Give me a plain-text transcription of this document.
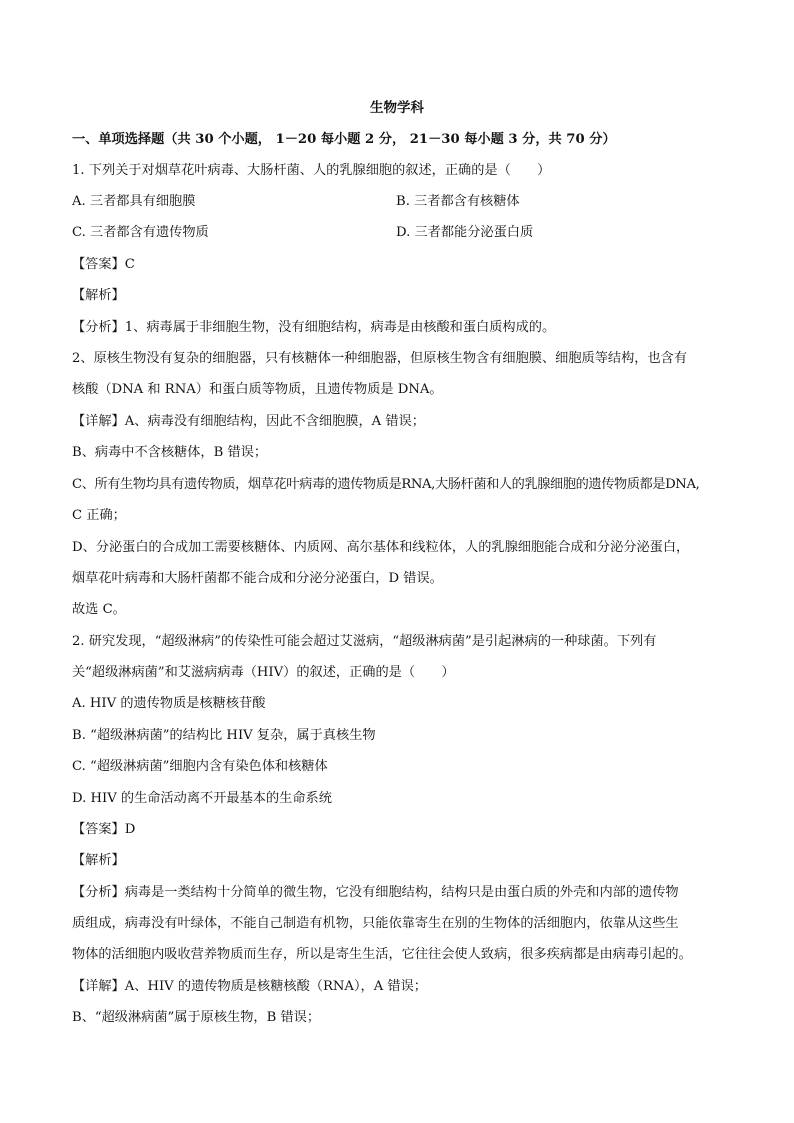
生物学科
一、单项选择题（共 30 个小题， 1－20 每小题 2 分， 21－30 每小题 3 分，共 70 分）
1. 下列关于对烟草花叶病毒、大肠杆菌、人的乳腺细胞的叙述，正确的是（　　）
A. 三者都具有细胞膜	B. 三者都含有核糖体
C. 三者都含有遗传物质	D. 三者都能分泌蛋白质
【答案】C
【解析】
【分析】1、病毒属于非细胞生物，没有细胞结构，病毒是由核酸和蛋白质构成的。
2、原核生物没有复杂的细胞器，只有核糖体一种细胞器，但原核生物含有细胞膜、细胞质等结构，也含有
核酸（DNA 和 RNA）和蛋白质等物质，且遗传物质是 DNA。
【详解】A、病毒没有细胞结构，因此不含细胞膜，A 错误；
B、病毒中不含核糖体，B 错误；
C、所有生物均具有遗传物质，烟草花叶病毒的遗传物质是RNA,大肠杆菌和人的乳腺细胞的遗传物质都是DNA,
C 正确；
D、分泌蛋白的合成加工需要核糖体、内质网、高尔基体和线粒体，人的乳腺细胞能合成和分泌分泌蛋白，
烟草花叶病毒和大肠杆菌都不能合成和分泌分泌蛋白，D 错误。
故选 C。
2. 研究发现，“超级淋病”的传染性可能会超过艾滋病，“超级淋病菌”是引起淋病的一种球菌。下列有
关“超级淋病菌”和艾滋病病毒（HIV）的叙述，正确的是（　　）
A. HIV 的遗传物质是核糖核苷酸
B. “超级淋病菌”的结构比 HIV 复杂，属于真核生物
C. “超级淋病菌”细胞内含有染色体和核糖体
D. HIV 的生命活动离不开最基本的生命系统
【答案】D
【解析】
【分析】病毒是一类结构十分简单的微生物，它没有细胞结构，结构只是由蛋白质的外壳和内部的遗传物
质组成，病毒没有叶绿体，不能自己制造有机物，只能依靠寄生在别的生物体的活细胞内，依靠从这些生
物体的活细胞内吸收营养物质而生存，所以是寄生生活，它往往会使人致病，很多疾病都是由病毒引起的。
【详解】A、HIV 的遗传物质是核糖核酸（RNA），A 错误；
B、“超级淋病菌”属于原核生物，B 错误；
